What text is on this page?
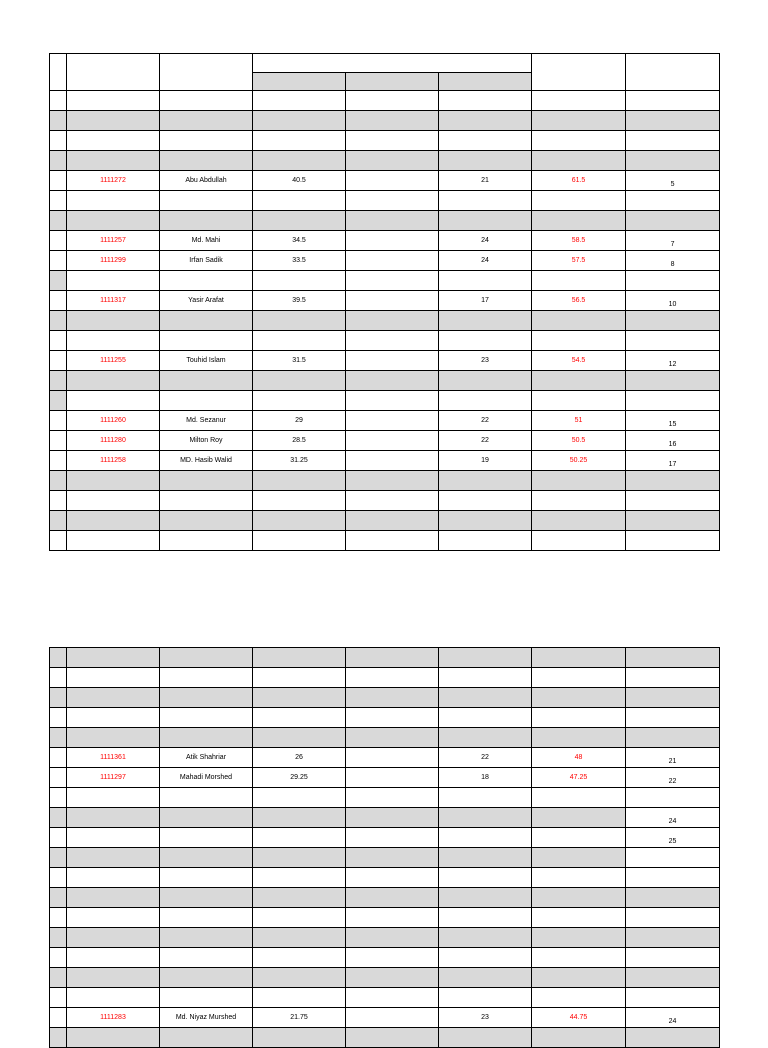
	1111272	Abu Abdullah	40.5		21	61.5	5

	1111257	Md. Mahi	34.5		24	58.5	7
	1111299	Irfan Sadik	33.5		24	57.5	8

	1111317	Yasir Arafat	39.5		17	56.5	10

	1111255	Touhid Islam	31.5		23	54.5	12

	1111260	Md. Sezanur	29		22	51	15
	1111280	Milton Roy	28.5		22	50.5	16
	1111258	MD. Hasib Walid	31.25		19	50.25	17

	1111361	Atik Shahriar	26		22	48	21
	1111297	Mahadi Morshed	29.25		18	47.25	22

							24
							25

	1111283	Md. Niyaz Murshed	21.75		23	44.75	24
